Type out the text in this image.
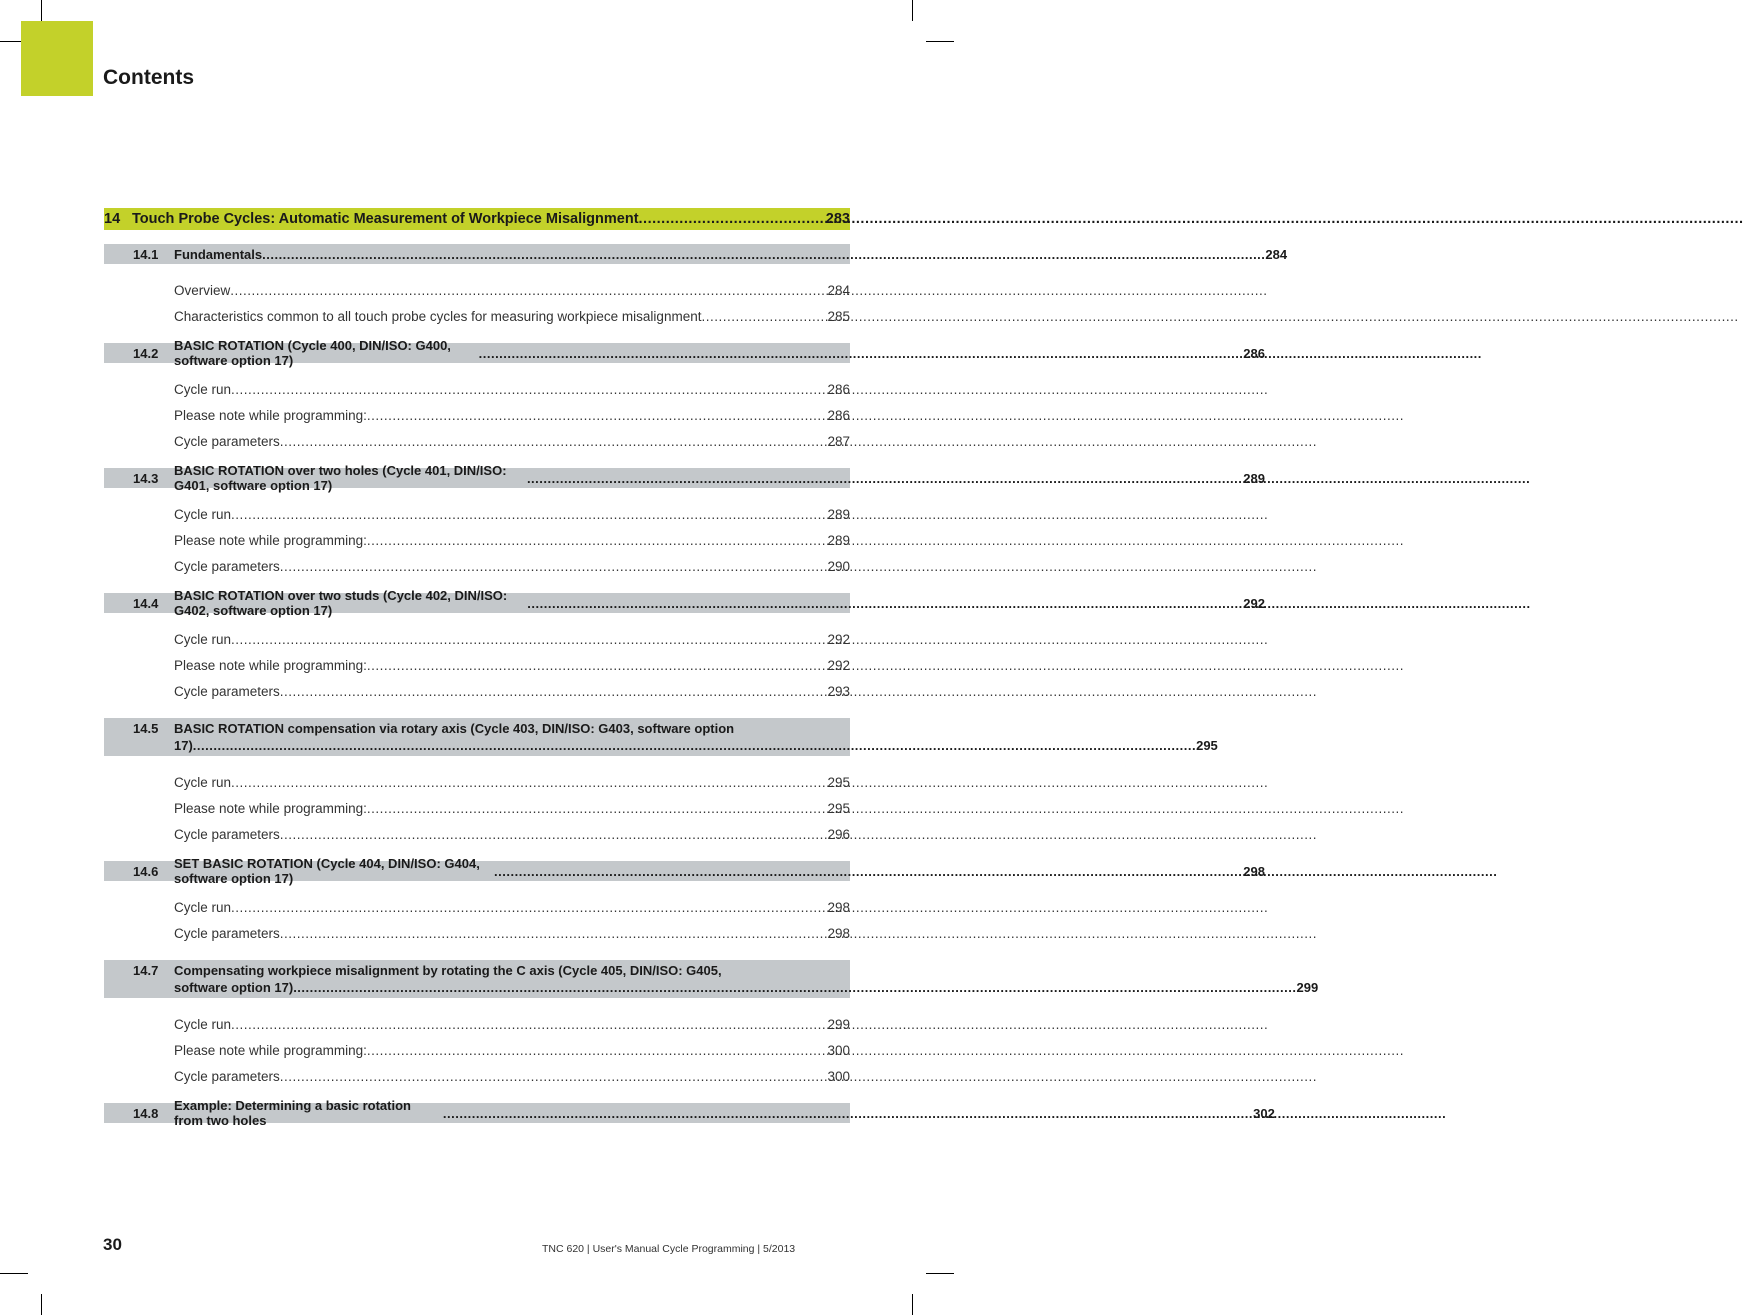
Contents
14 Touch Probe Cycles: Automatic Measurement of Workpiece Misalignment .....	283
14.1	Fundamentals .....	284
Overview .....	284
Characteristics common to all touch probe cycles for measuring workpiece misalignment .....	285
14.2	BASIC ROTATION (Cycle 400, DIN/ISO: G400, software option 17) .....	286
Cycle run .....	286
Please note while programming: .....	286
Cycle parameters .....	287
14.3	BASIC ROTATION over two holes (Cycle 401, DIN/ISO: G401, software option 17) .....	289
Cycle run .....	289
Please note while programming: .....	289
Cycle parameters .....	290
14.4	BASIC ROTATION over two studs (Cycle 402, DIN/ISO: G402, software option 17) .....	292
Cycle run .....	292
Please note while programming: .....	292
Cycle parameters .....	293
14.5	BASIC ROTATION compensation via rotary axis (Cycle 403, DIN/ISO: G403, software option
17) .....	295
Cycle run .....	295
Please note while programming: .....	295
Cycle parameters .....	296
14.6	SET BASIC ROTATION (Cycle 404, DIN/ISO: G404, software option 17) .....	298
Cycle run .....	298
Cycle parameters .....	298
14.7	Compensating workpiece misalignment by rotating the C axis (Cycle 405, DIN/ISO: G405,
software option 17) .....	299
Cycle run .....	299
Please note while programming: .....	300
Cycle parameters .....	300
14.8	Example: Determining a basic rotation from two holes .....	302
30	TNC 620 | User's Manual Cycle Programming | 5/2013
